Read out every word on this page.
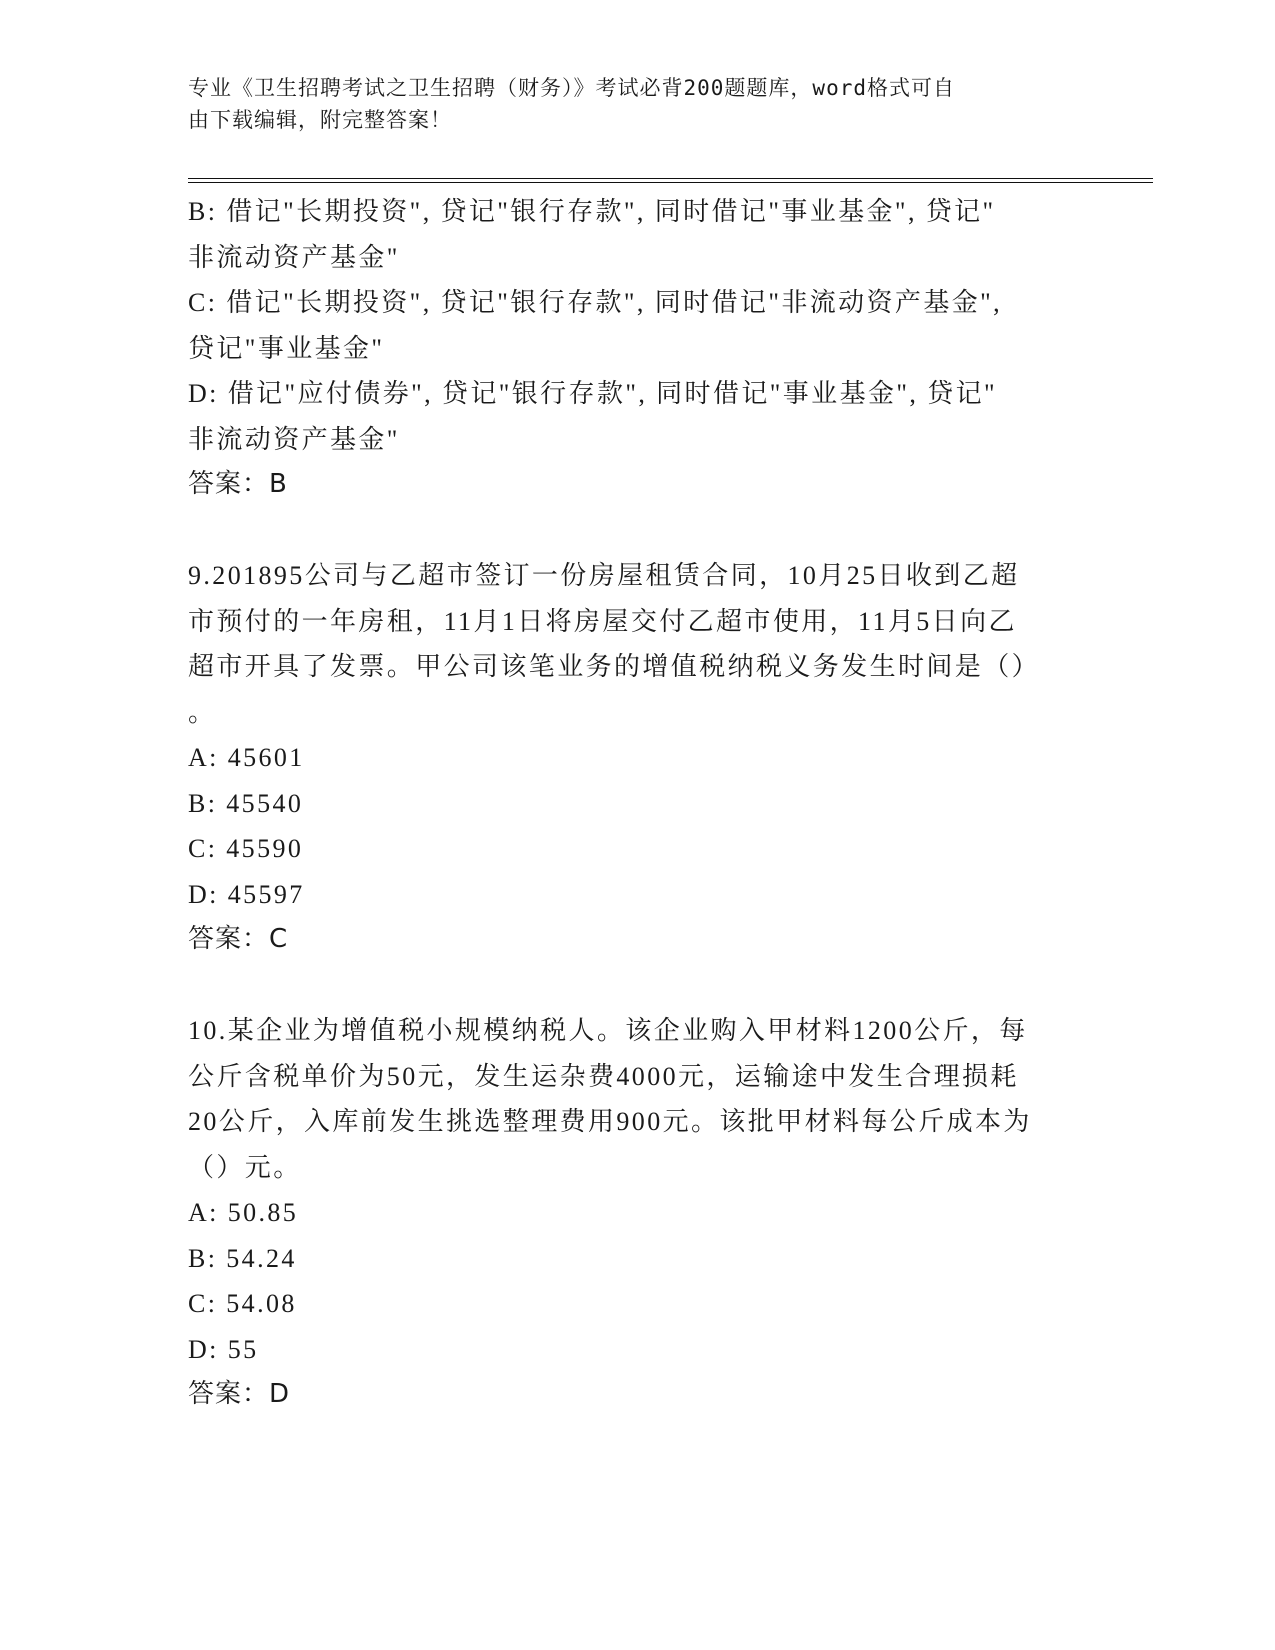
专业《卫生招聘考试之卫生招聘（财务）》考试必背200题题库，word格式可自
由下载编辑，附完整答案！
B: 借记"长期投资", 贷记"银行存款", 同时借记"事业基金", 贷记"
非流动资产基金"
C: 借记"长期投资", 贷记"银行存款", 同时借记"非流动资产基金",
贷记"事业基金"
D: 借记"应付债券", 贷记"银行存款", 同时借记"事业基金", 贷记"
非流动资产基金"
答案：B
9.201895公司与乙超市签订一份房屋租赁合同，10月25日收到乙超
市预付的一年房租，11月1日将房屋交付乙超市使用，11月5日向乙
超市开具了发票。甲公司该笔业务的增值税纳税义务发生时间是（）
。
A: 45601
B: 45540
C: 45590
D: 45597
答案：C
10.某企业为增值税小规模纳税人。该企业购入甲材料1200公斤，每
公斤含税单价为50元，发生运杂费4000元，运输途中发生合理损耗
20公斤，入库前发生挑选整理费用900元。该批甲材料每公斤成本为
（）元。
A: 50.85
B: 54.24
C: 54.08
D: 55
答案：D
